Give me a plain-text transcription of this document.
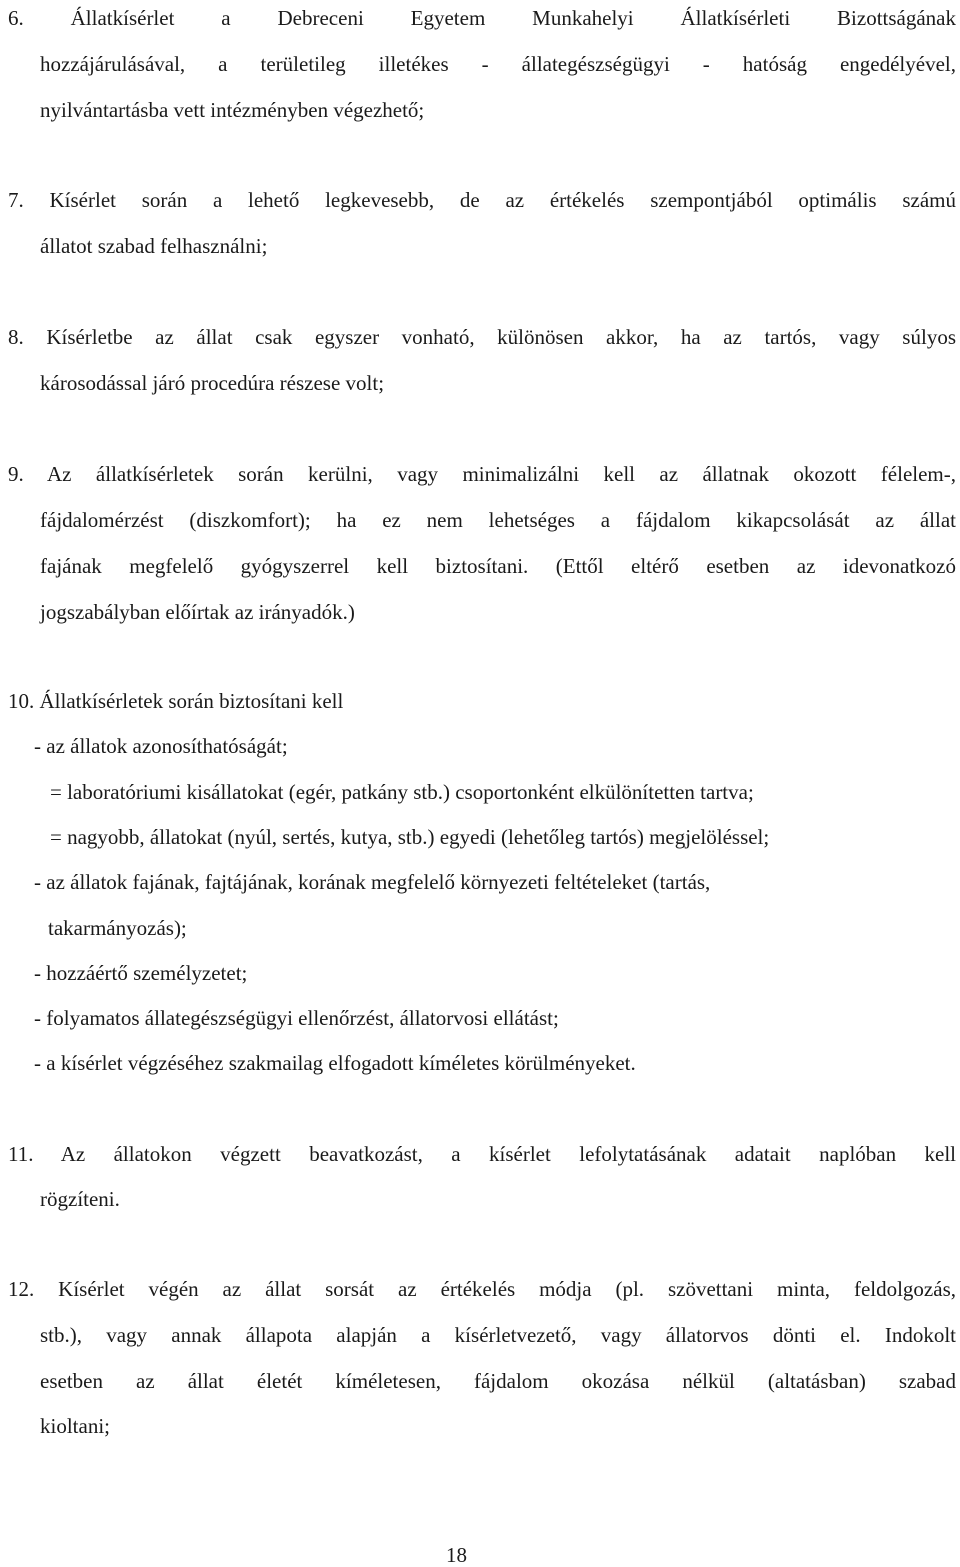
6. Állatkísérlet a Debreceni Egyetem Munkahelyi Állatkísérleti Bizottságának
hozzájárulásával, a területileg illetékes - állategészségügyi - hatóság engedélyével,
nyilvántartásba vett intézményben végezhető;
7. Kísérlet során a lehető legkevesebb, de az értékelés szempontjából optimális számú
állatot szabad felhasználni;
8. Kísérletbe az állat csak egyszer vonható, különösen akkor, ha az tartós, vagy súlyos
károsodással járó procedúra részese volt;
9. Az állatkísérletek során kerülni, vagy minimalizálni kell az állatnak okozott félelem-,
fájdalomérzést (diszkomfort); ha ez nem lehetséges a fájdalom kikapcsolását az állat
fajának megfelelő gyógyszerrel kell biztosítani. (Ettől eltérő esetben az idevonatkozó
jogszabályban előírtak az irányadók.)
10. Állatkísérletek során biztosítani kell
- az állatok azonosíthatóságát;
= laboratóriumi kisállatokat (egér, patkány stb.) csoportonként elkülönítetten tartva;
= nagyobb, állatokat (nyúl, sertés, kutya, stb.) egyedi (lehetőleg tartós) megjelöléssel;
- az állatok fajának, fajtájának, korának megfelelő környezeti feltételeket (tartás,
takarmányozás);
- hozzáértő személyzetet;
- folyamatos állategészségügyi ellenőrzést, állatorvosi ellátást;
- a kísérlet végzéséhez szakmailag elfogadott kíméletes körülményeket.
11. Az állatokon végzett beavatkozást, a kísérlet lefolytatásának adatait naplóban kell
rögzíteni.
12. Kísérlet végén az állat sorsát az értékelés módja (pl. szövettani minta, feldolgozás,
stb.), vagy annak állapota alapján a kísérletvezető, vagy állatorvos dönti el. Indokolt
esetben az állat életét kíméletesen, fájdalom okozása nélkül (altatásban) szabad
kioltani;
18
